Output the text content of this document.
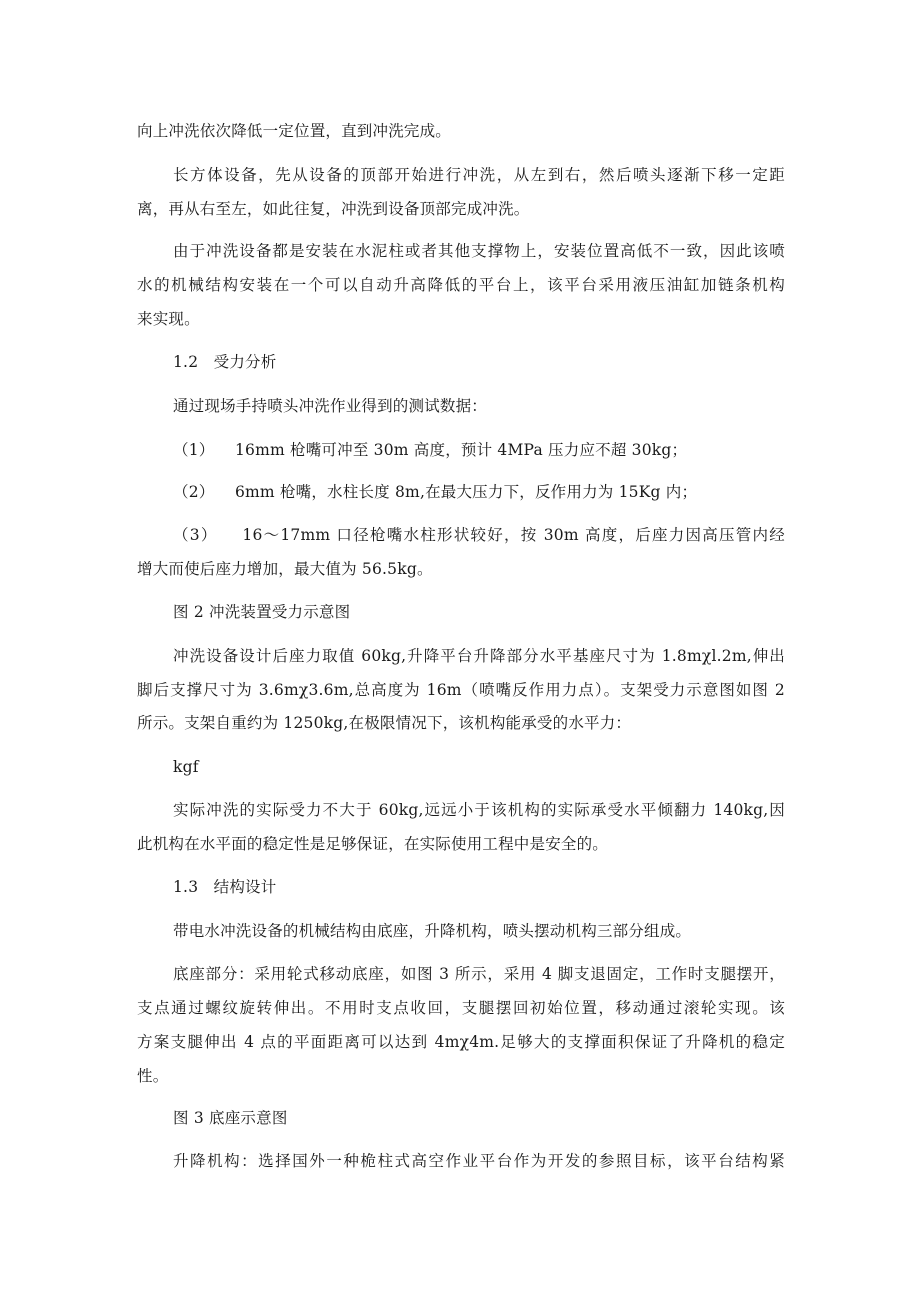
向上冲洗依次降低一定位置，直到冲洗完成。
长方体设备，先从设备的顶部开始进行冲洗，从左到右，然后喷头逐渐下移一定距
离，再从右至左，如此往复，冲洗到设备顶部完成冲洗。
由于冲洗设备都是安装在水泥柱或者其他支撑物上，安装位置高低不一致，因此该喷
水的机械结构安装在一个可以自动升高降低的平台上，该平台采用液压油缸加链条机构
来实现。
1.2   受力分析
通过现场手持喷头冲洗作业得到的测试数据：
（1）    16mm 枪嘴可冲至 30m 高度，预计 4MPa 压力应不超 30kg；
（2）    6mm 枪嘴，水柱长度 8m,在最大压力下，反作用力为 15Kg 内；
（3）    16～17mm 口径枪嘴水柱形状较好，按 30m 高度，后座力因高压管内经
增大而使后座力增加，最大值为 56.5kg。
图 2 冲洗装置受力示意图
冲洗设备设计后座力取值 60kg,升降平台升降部分水平基座尺寸为 1.8mχl.2m,伸出
脚后支撑尺寸为 3.6mχ3.6m,总高度为 16m（喷嘴反作用力点）。支架受力示意图如图 2
所示。支架自重约为 1250kg,在极限情况下，该机构能承受的水平力：
kgf
实际冲洗的实际受力不大于 60kg,远远小于该机构的实际承受水平倾翻力 140kg,因
此机构在水平面的稳定性是足够保证，在实际使用工程中是安全的。
1.3   结构设计
带电水冲洗设备的机械结构由底座，升降机构，喷头摆动机构三部分组成。
底座部分：采用轮式移动底座，如图 3 所示，采用 4 脚支退固定，工作时支腿摆开，
支点通过螺纹旋转伸出。不用时支点收回，支腿摆回初始位置，移动通过滚轮实现。该
方案支腿伸出 4 点的平面距离可以达到 4mχ4m.足够大的支撑面积保证了升降机的稳定
性。
图 3 底座示意图
升降机构：选择国外一种桅柱式高空作业平台作为开发的参照目标，该平台结构紧
